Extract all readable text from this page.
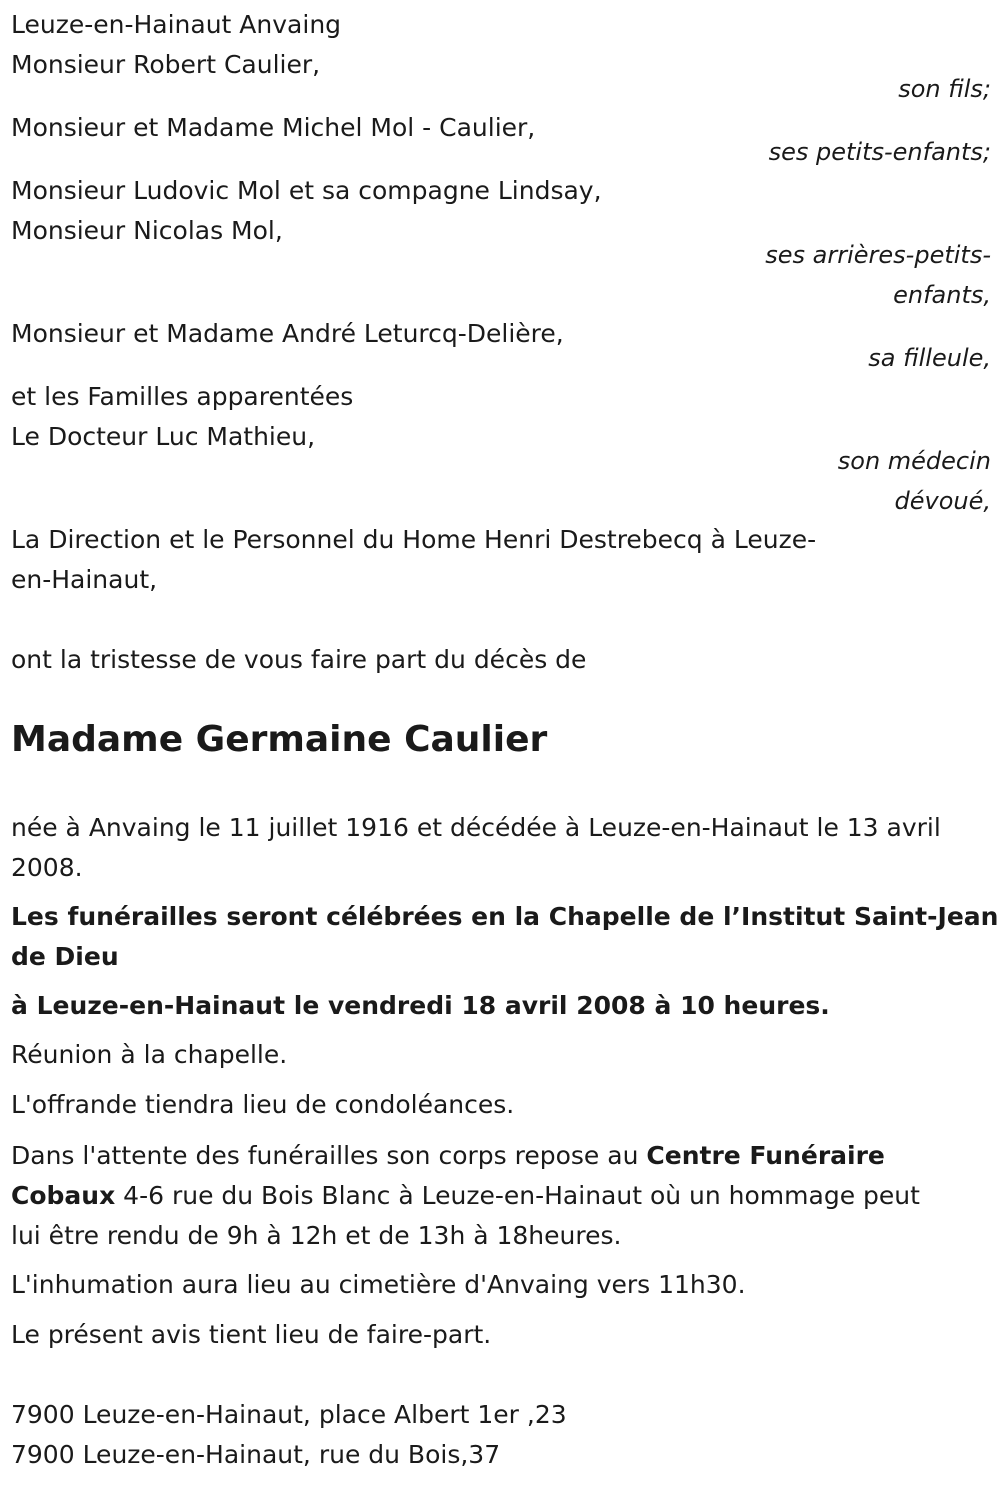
Leuze-en-Hainaut Anvaing
Monsieur Robert Caulier,
son fils;
Monsieur et Madame Michel Mol - Caulier,
ses petits-enfants;
Monsieur Ludovic Mol et sa compagne Lindsay,
Monsieur Nicolas Mol,
ses arrières-petits-
enfants,
Monsieur et Madame André Leturcq-Delière,
sa filleule,
et les Familles apparentées
Le Docteur Luc Mathieu,
son médecin
dévoué,
La Direction et le Personnel du Home Henri Destrebecq à Leuze-
en-Hainaut,
ont la tristesse de vous faire part du décès de
Madame Germaine Caulier
née à Anvaing le 11 juillet 1916 et décédée à Leuze-en-Hainaut le 13 avril
2008.
Les funérailles seront célébrées en la Chapelle de l’Institut Saint-Jean
de Dieu
à Leuze-en-Hainaut le vendredi 18 avril 2008 à 10 heures.
Réunion à la chapelle.
L'offrande tiendra lieu de condoléances.
Dans l'attente des funérailles son corps repose au Centre Funéraire
Cobaux 4-6 rue du Bois Blanc à Leuze-en-Hainaut où un hommage peut
lui être rendu de 9h à 12h et de 13h à 18heures.
L'inhumation aura lieu au cimetière d'Anvaing vers 11h30.
Le présent avis tient lieu de faire-part.
7900 Leuze-en-Hainaut, place Albert 1er ,23
7900 Leuze-en-Hainaut, rue du Bois,37
